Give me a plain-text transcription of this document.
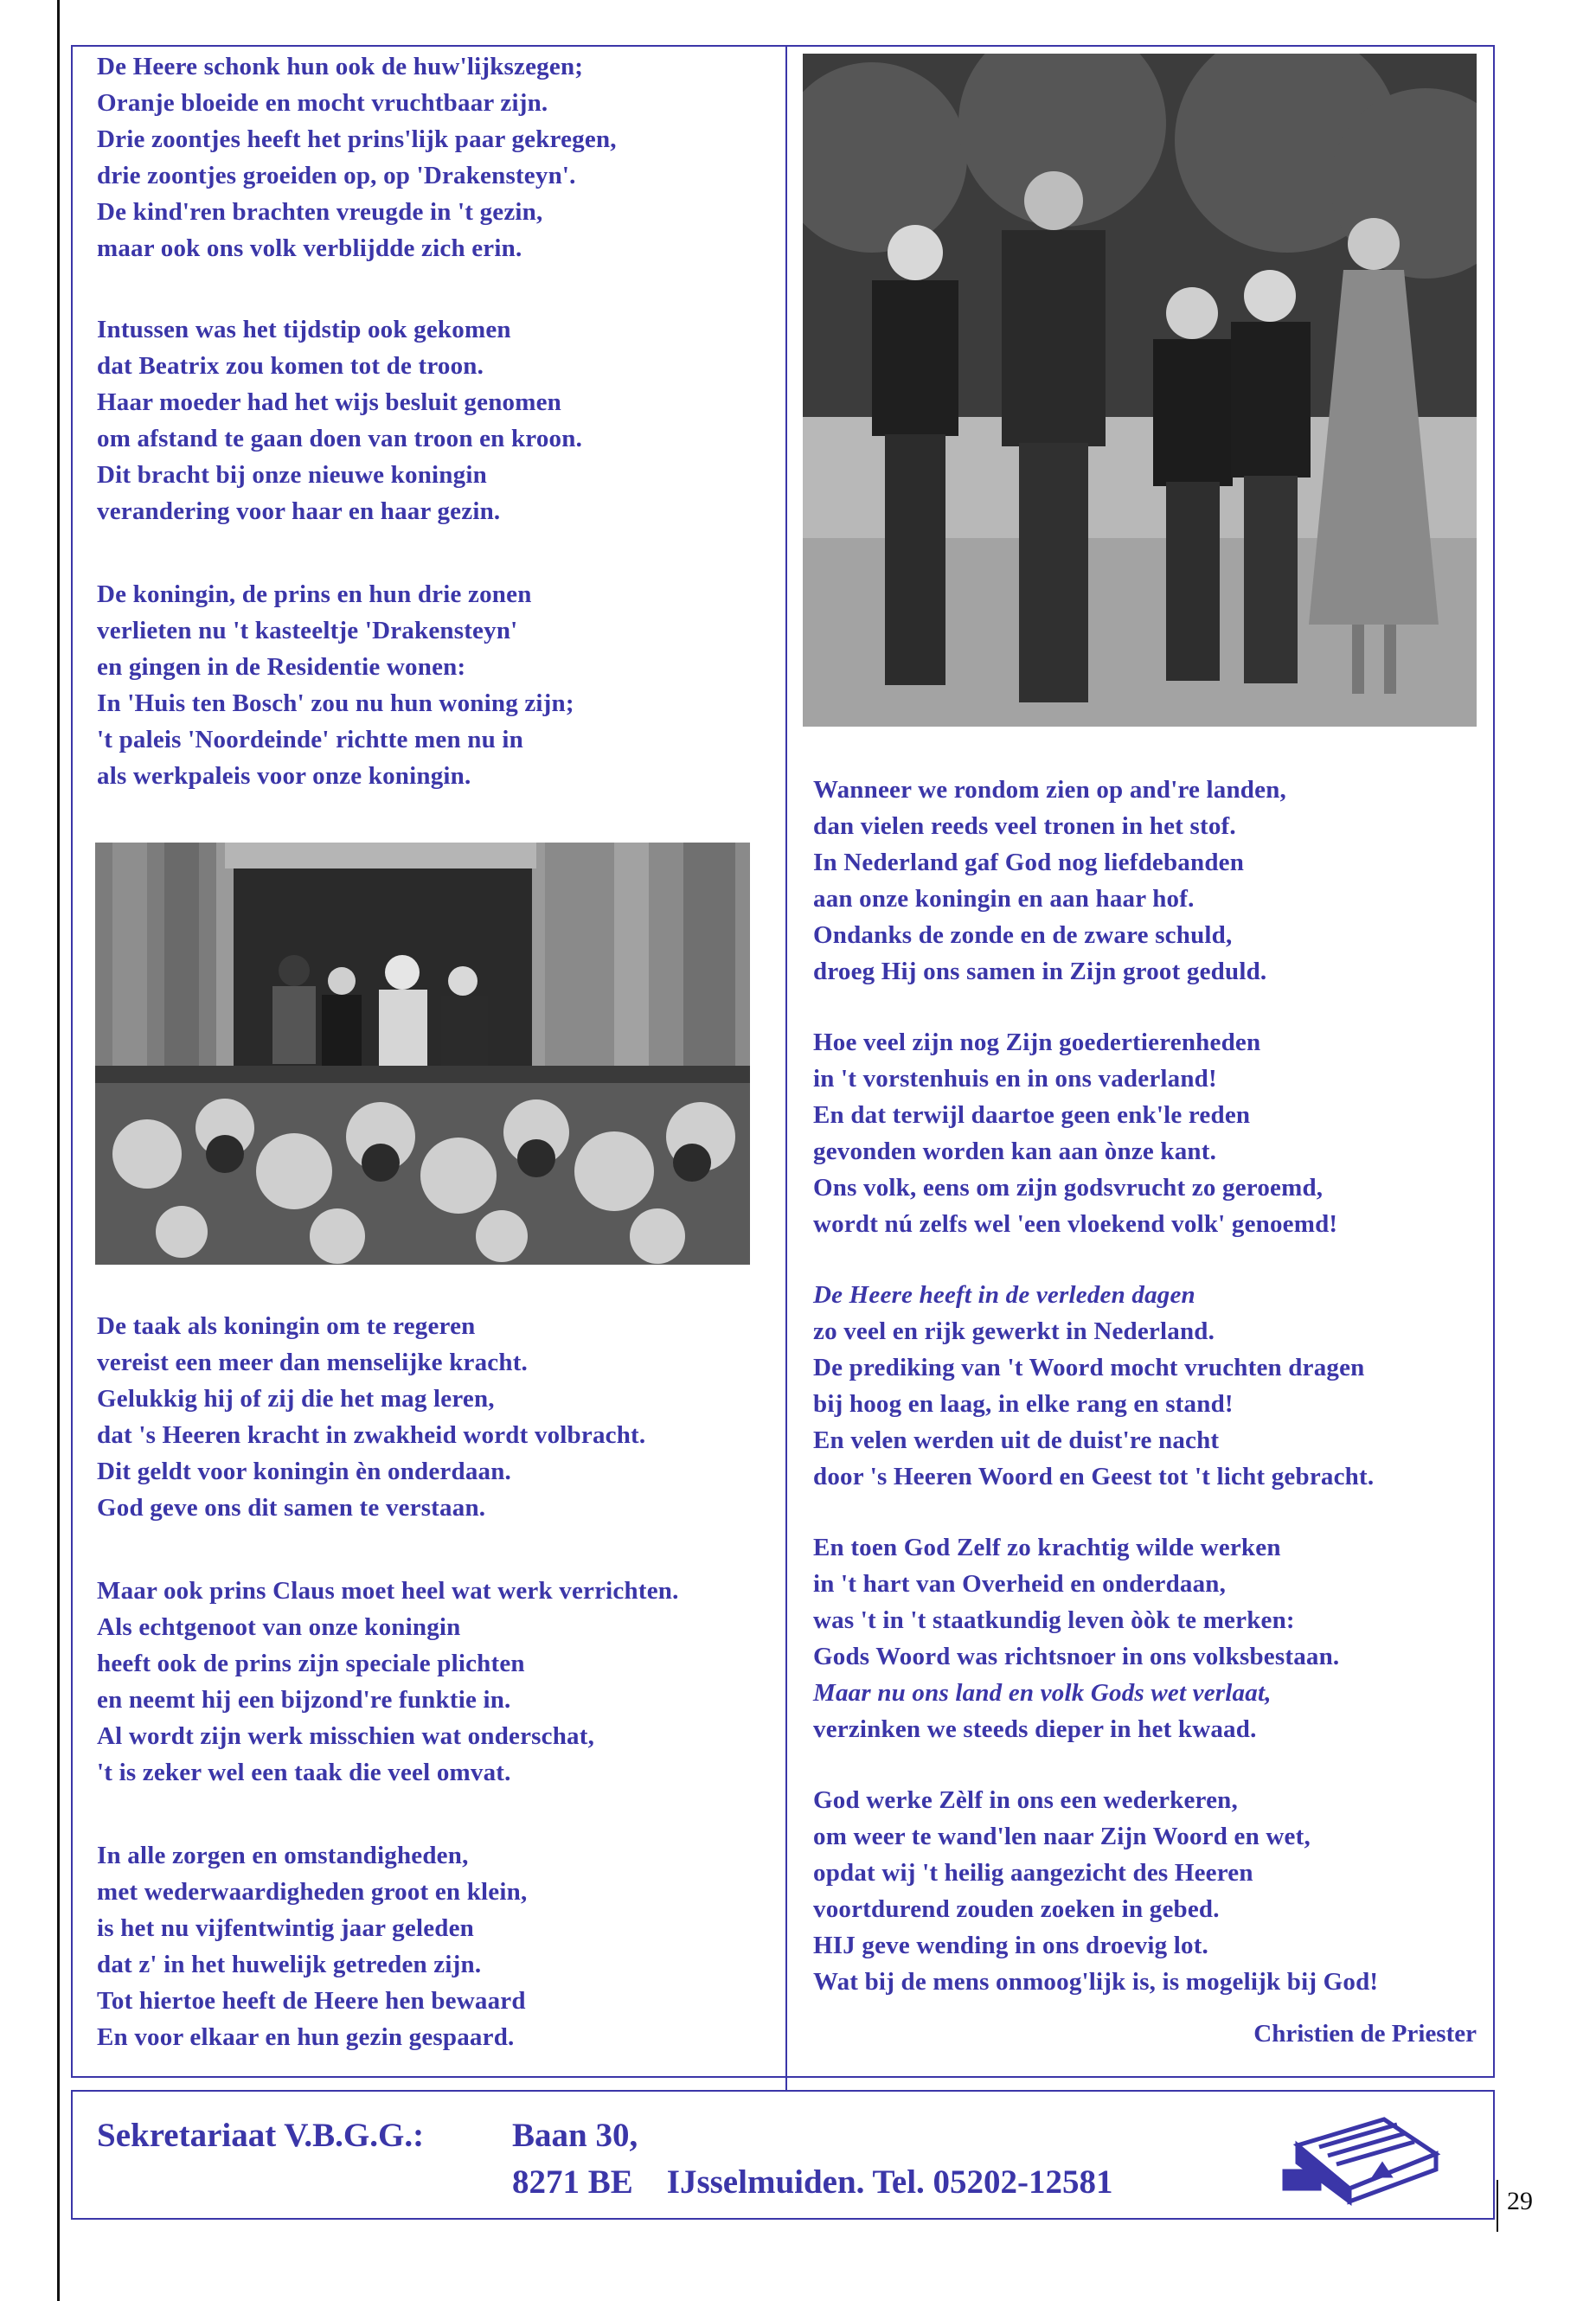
De Heere schonk hun ook de huw'lijkszegen;
Oranje bloeide en mocht vruchtbaar zijn.
Drie zoontjes heeft het prins'lijk paar gekregen,
drie zoontjes groeiden op, op 'Drakensteyn'.
De kind'ren brachten vreugde in 't gezin,
maar ook ons volk verblijdde zich erin.
Intussen was het tijdstip ook gekomen
dat Beatrix zou komen tot de troon.
Haar moeder had het wijs besluit genomen
om afstand te gaan doen van troon en kroon.
Dit bracht bij onze nieuwe koningin
verandering voor haar en haar gezin.
De koningin, de prins en hun drie zonen
verlieten nu 't kasteeltje 'Drakensteyn'
en gingen in de Residentie wonen:
In 'Huis ten Bosch' zou nu hun woning zijn;
't paleis 'Noordeinde' richtte men nu in
als werkpaleis voor onze koningin.
De taak als koningin om te regeren
vereist een meer dan menselijke kracht.
Gelukkig hij of zij die het mag leren,
dat 's Heeren kracht in zwakheid wordt volbracht.
Dit geldt voor koningin èn onderdaan.
God geve ons dit samen te verstaan.
Maar ook prins Claus moet heel wat werk verrichten.
Als echtgenoot van onze koningin
heeft ook de prins zijn speciale plichten
en neemt hij een bijzond're funktie in.
Al wordt zijn werk misschien wat onderschat,
't is zeker wel een taak die veel omvat.
In alle zorgen en omstandigheden,
met wederwaardigheden groot en klein,
is het nu vijfentwintig jaar geleden
dat z' in het huwelijk getreden zijn.
Tot hiertoe heeft de Heere hen bewaard
En voor elkaar en hun gezin gespaard.
Wanneer we rondom zien op and're landen,
dan vielen reeds veel tronen in het stof.
In Nederland gaf God nog liefdebanden
aan onze koningin en aan haar hof.
Ondanks de zonde en de zware schuld,
droeg Hij ons samen in Zijn groot geduld.
Hoe veel zijn nog Zijn goedertierenheden
in 't vorstenhuis en in ons vaderland!
En dat terwijl daartoe geen enk'le reden
gevonden worden kan aan ònze kant.
Ons volk, eens om zijn godsvrucht zo geroemd,
wordt nú zelfs wel 'een vloekend volk' genoemd!
De Heere heeft in de verleden dagen
zo veel en rijk gewerkt in Nederland.
De prediking van 't Woord mocht vruchten dragen
bij hoog en laag, in elke rang en stand!
En velen werden uit de duist're nacht
door 's Heeren Woord en Geest tot 't licht gebracht.
En toen God Zelf zo krachtig wilde werken
in 't hart van Overheid en onderdaan,
was 't in 't staatkundig leven òòk te merken:
Gods Woord was richtsnoer in ons volksbestaan.
Maar nu ons land en volk Gods wet verlaat,
verzinken we steeds dieper in het kwaad.
God werke Zèlf in ons een wederkeren,
om weer te wand'len naar Zijn Woord en wet,
opdat wij 't heilig aangezicht des Heeren
voortdurend zouden zoeken in gebed.
HIJ geve wending in ons droevig lot.
Wat bij de mens onmoog'lijk is, is mogelijk bij God!
Christien de Priester
Sekretariaat V.B.G.G.:	Baan 30,
8271 BE    IJsselmuiden. Tel. 05202-12581
29
